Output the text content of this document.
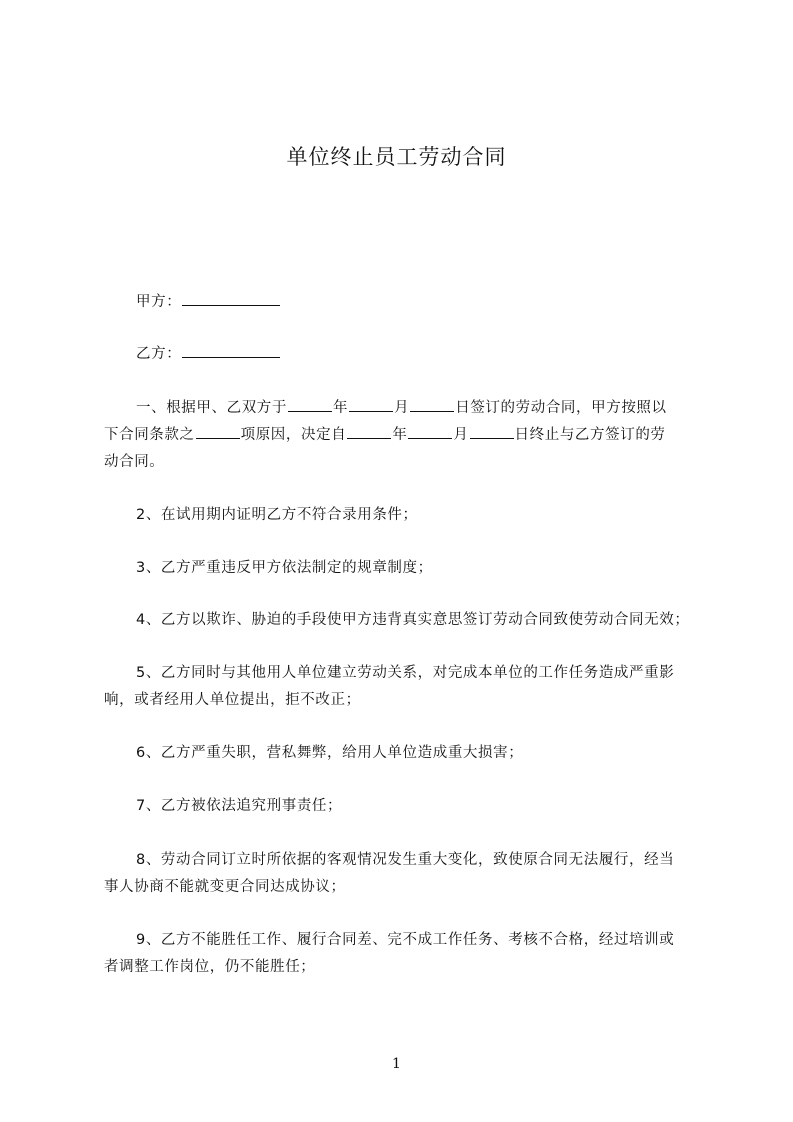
单位终止员工劳动合同
甲方：
乙方：
一、根据甲、乙双方于	年	月	日签订的劳动合同，甲方按照以
下合同条款之	项原因，决定自	年	月	日终止与乙方签订的劳
动合同。
2、在试用期内证明乙方不符合录用条件；
3、乙方严重违反甲方依法制定的规章制度；
4、乙方以欺诈、胁迫的手段使甲方违背真实意思签订劳动合同致使劳动合同无效；
5、乙方同时与其他用人单位建立劳动关系，对完成本单位的工作任务造成严重影
响，或者经用人单位提出，拒不改正；
6、乙方严重失职，营私舞弊，给用人单位造成重大损害；
7、乙方被依法追究刑事责任；
8、劳动合同订立时所依据的客观情况发生重大变化，致使原合同无法履行，经当
事人协商不能就变更合同达成协议；
9、乙方不能胜任工作、履行合同差、完不成工作任务、考核不合格，经过培训或
者调整工作岗位，仍不能胜任；
1
